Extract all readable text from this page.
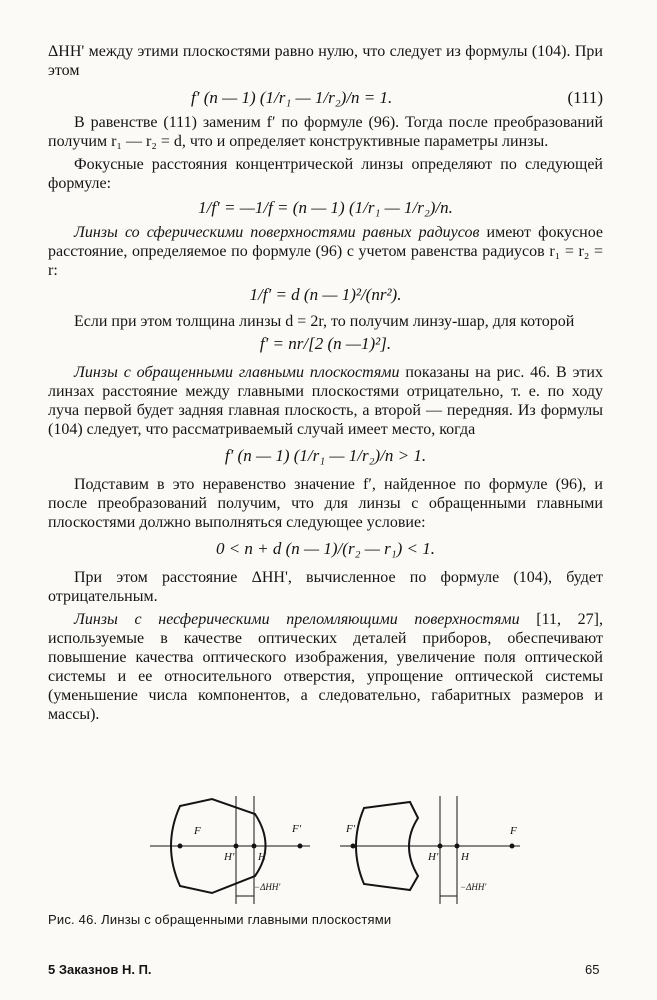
ΔHH' между этими плоскостями равно нулю, что следует из формулы (104). При этом

f′ (n — 1) (1/r₁ — 1/r₂)/n = 1.	(111)

В равенстве (111) заменим f′ по формуле (96). Тогда после преобразований получим r₁ — r₂ = d, что и определяет конструктивные параметры линзы.

Фокусные расстояния концентрической линзы определяют по следующей формуле:

1/f′ = —1/f = (n — 1) (1/r₁ — 1/r₂)/n.

Линзы со сферическими поверхностями равных радиусов имеют фокусное расстояние, определяемое по формуле (96) с учетом равенства радиусов r₁ = r₂ = r:

1/f′ = d (n — 1)²/(nr²).

Если при этом толщина линзы d = 2r, то получим линзу-шар, для которой

f′ = nr/[2 (n —1)²].

Линзы с обращенными главными плоскостями показаны на рис. 46. В этих линзах расстояние между главными плоскостями отрицательно, т. е. по ходу луча первой будет задняя главная плоскость, а второй — передняя. Из формулы (104) следует, что рассматриваемый случай имеет место, когда

f′ (n — 1) (1/r₁ — 1/r₂)/n > 1.

Подставим в это неравенство значение f′, найденное по формуле (96), и после преобразований получим, что для линзы с обращенными главными плоскостями должно выполняться следующее условие:

0 < n + d (n — 1)/(r₂ — r₁) < 1.

При этом расстояние ΔHH', вычисленное по формуле (104), будет отрицательным.

Линзы с несферическими преломляющими поверхностями [11, 27], используемые в качестве оптических деталей приборов, обеспечивают повышение качества оптического изображения, увеличение поля оптической системы и ее относительного отверстия, упрощение оптической системы (уменьшение числа компонентов, а следовательно, габаритных размеров и массы).

F
H′ H
F′
−ΔHH′
F′
H′ H
F
−ΔHH′
Рис. 46. Линзы с обращенными главными плоскостями
5 Заказнов Н. П.	65
